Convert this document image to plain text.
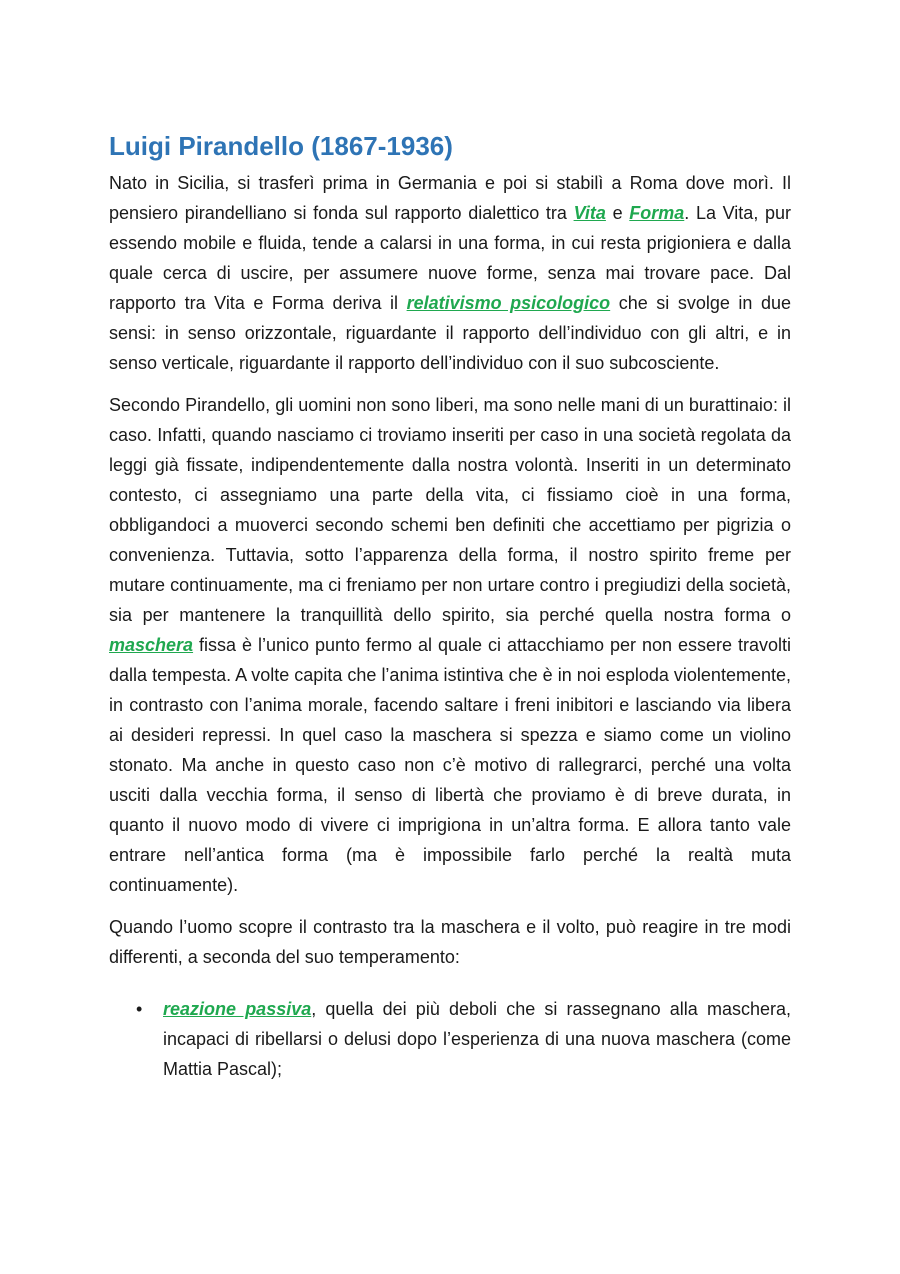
Luigi Pirandello (1867-1936)

Nato in Sicilia, si trasferì prima in Germania e poi si stabilì a Roma dove morì. Il pensiero pirandelliano si fonda sul rapporto dialettico tra Vita e Forma. La Vita, pur essendo mobile e fluida, tende a calarsi in una forma, in cui resta prigioniera e dalla quale cerca di uscire, per assumere nuove forme, senza mai trovare pace. Dal rapporto tra Vita e Forma deriva il relativismo psicologico che si svolge in due sensi: in senso orizzontale, riguardante il rapporto dell’individuo con gli altri, e in senso verticale, riguardante il rapporto dell’individuo con il suo subcosciente.

Secondo Pirandello, gli uomini non sono liberi, ma sono nelle mani di un burattinaio: il caso. Infatti, quando nasciamo ci troviamo inseriti per caso in una società regolata da leggi già fissate, indipendentemente dalla nostra volontà. Inseriti in un determinato contesto, ci assegniamo una parte della vita, ci fissiamo cioè in una forma, obbligandoci a muoverci secondo schemi ben definiti che accettiamo per pigrizia o convenienza. Tuttavia, sotto l’apparenza della forma, il nostro spirito freme per mutare continuamente, ma ci freniamo per non urtare contro i pregiudizi della società, sia per mantenere la tranquillità dello spirito, sia perché quella nostra forma o maschera fissa è l’unico punto fermo al quale ci attacchiamo per non essere travolti dalla tempesta. A volte capita che l’anima istintiva che è in noi esploda violentemente, in contrasto con l’anima morale, facendo saltare i freni inibitori e lasciando via libera ai desideri repressi. In quel caso la maschera si spezza e siamo come un violino stonato. Ma anche in questo caso non c’è motivo di rallegrarci, perché una volta usciti dalla vecchia forma, il senso di libertà che proviamo è di breve durata, in quanto il nuovo modo di vivere ci imprigiona in un’altra forma. E allora tanto vale entrare nell’antica forma (ma è impossibile farlo perché la realtà muta continuamente).

Quando l’uomo scopre il contrasto tra la maschera e il volto, può reagire in tre modi differenti, a seconda del suo temperamento:

• reazione passiva, quella dei più deboli che si rassegnano alla maschera, incapaci di ribellarsi o delusi dopo l’esperienza di una nuova maschera (come Mattia Pascal);
